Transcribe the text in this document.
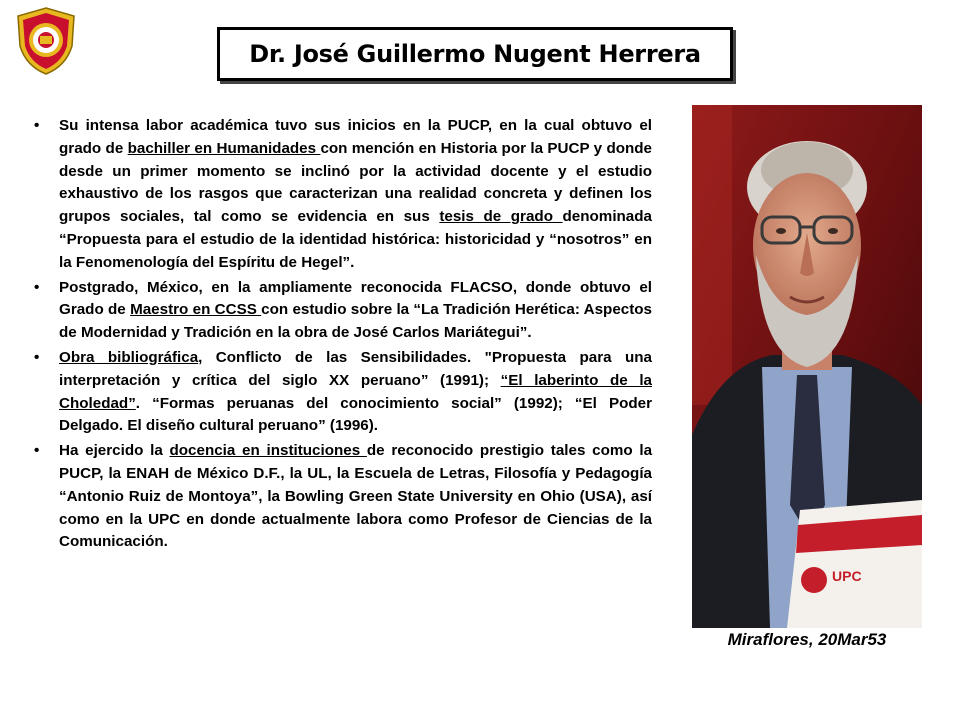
Dr. José Guillermo Nugent Herrera
• Su intensa labor académica tuvo sus inicios en la PUCP, en la cual obtuvo el grado de bachiller en Humanidades con mención en Historia por la PUCP y donde desde un primer momento se inclinó por la actividad docente y el estudio exhaustivo de los rasgos que caracterizan una realidad concreta y definen los grupos sociales, tal como se evidencia en sus tesis de grado denominada “Propuesta para el estudio de la identidad histórica: historicidad y “nosotros” en la Fenomenología del Espíritu de Hegel”.
• Postgrado, México, en la ampliamente reconocida FLACSO, donde obtuvo el Grado de Maestro en CCSS con estudio sobre la “La Tradición Herética: Aspectos de Modernidad y Tradición en la obra de José Carlos Mariátegui”.
• Obra bibliográfica, Conflicto de las Sensibilidades. "Propuesta para una interpretación y crítica del siglo XX peruano” (1991); “El laberinto de la Choledad”. “Formas peruanas del conocimiento social” (1992); “El Poder Delgado. El diseño cultural peruano” (1996).
• Ha ejercido la docencia en instituciones de reconocido prestigio tales como la PUCP, la ENAH de México D.F., la UL, la Escuela de Letras, Filosofía y Pedagogía “Antonio Ruiz de Montoya”, la Bowling Green State University en Ohio (USA), así como en la UPC en donde actualmente labora como Profesor de Ciencias de la Comunicación.
UPC
Miraflores, 20Mar53
